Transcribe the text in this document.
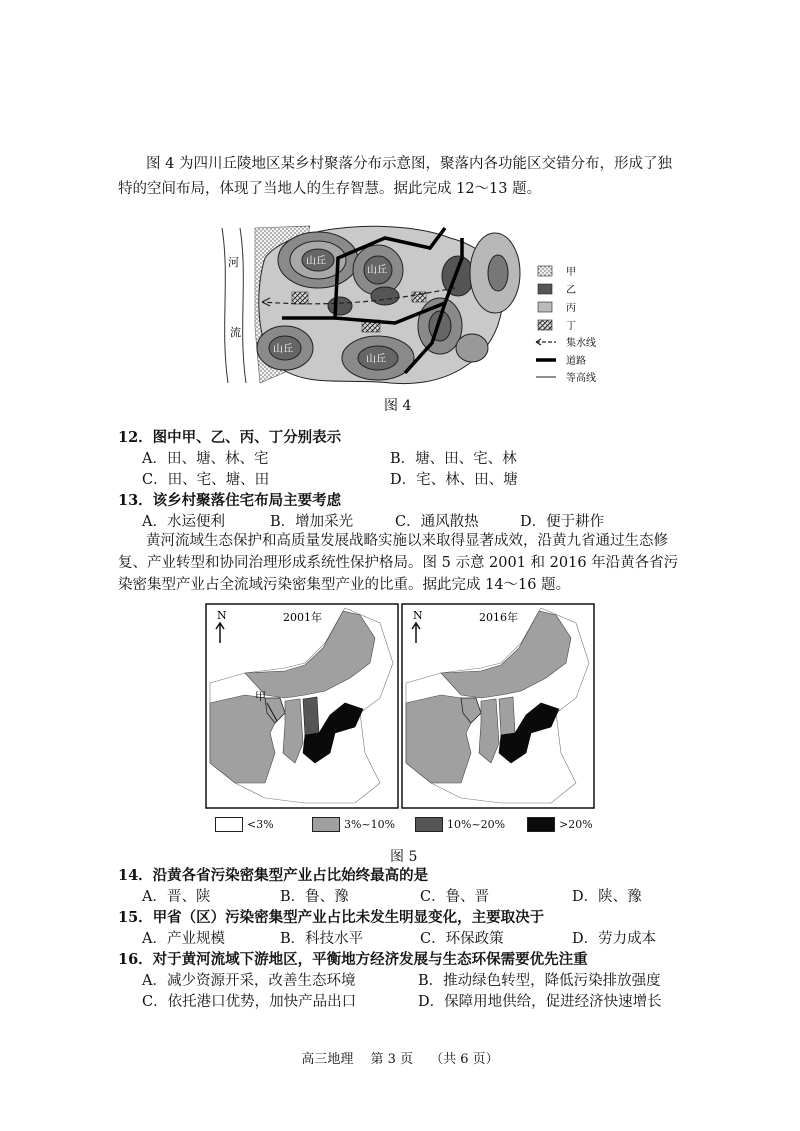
图 4 为四川丘陵地区某乡村聚落分布示意图，聚落内各功能区交错分布，形成了独特的空间布局，体现了当地人的生存智慧。据此完成 12～13 题。
河
流
山丘
山丘
山丘
山丘
甲
乙
丙
丁
集水线
道路
等高线
图 4
12．图中甲、乙、丙、丁分别表示
A．田、塘、林、宅	B．塘、田、宅、林
C．田、宅、塘、田	D．宅、林、田、塘
13．该乡村聚落住宅布局主要考虑
A．水运便利	B．增加采光	C．通风散热	D．便于耕作
黄河流域生态保护和高质量发展战略实施以来取得显著成效，沿黄九省通过生态修复、产业转型和协同治理形成系统性保护格局。图 5 示意 2001 和 2016 年沿黄各省污染密集型产业占全流域污染密集型产业的比重。据此完成 14～16 题。
N	2001年
甲
N	2016年
<3%	3%~10%	10%~20%	>20%
图 5
14．沿黄各省污染密集型产业占比始终最高的是
A．晋、陕	B．鲁、豫	C．鲁、晋	D．陕、豫
15．甲省（区）污染密集型产业占比未发生明显变化，主要取决于
A．产业规模	B．科技水平	C．环保政策	D．劳力成本
16．对于黄河流域下游地区，平衡地方经济发展与生态环保需要优先注重
A．减少资源开采，改善生态环境	B．推动绿色转型，降低污染排放强度
C．依托港口优势，加快产品出口	D．保障用地供给，促进经济快速增长
高三地理　 第 3 页　 （共 6 页）
